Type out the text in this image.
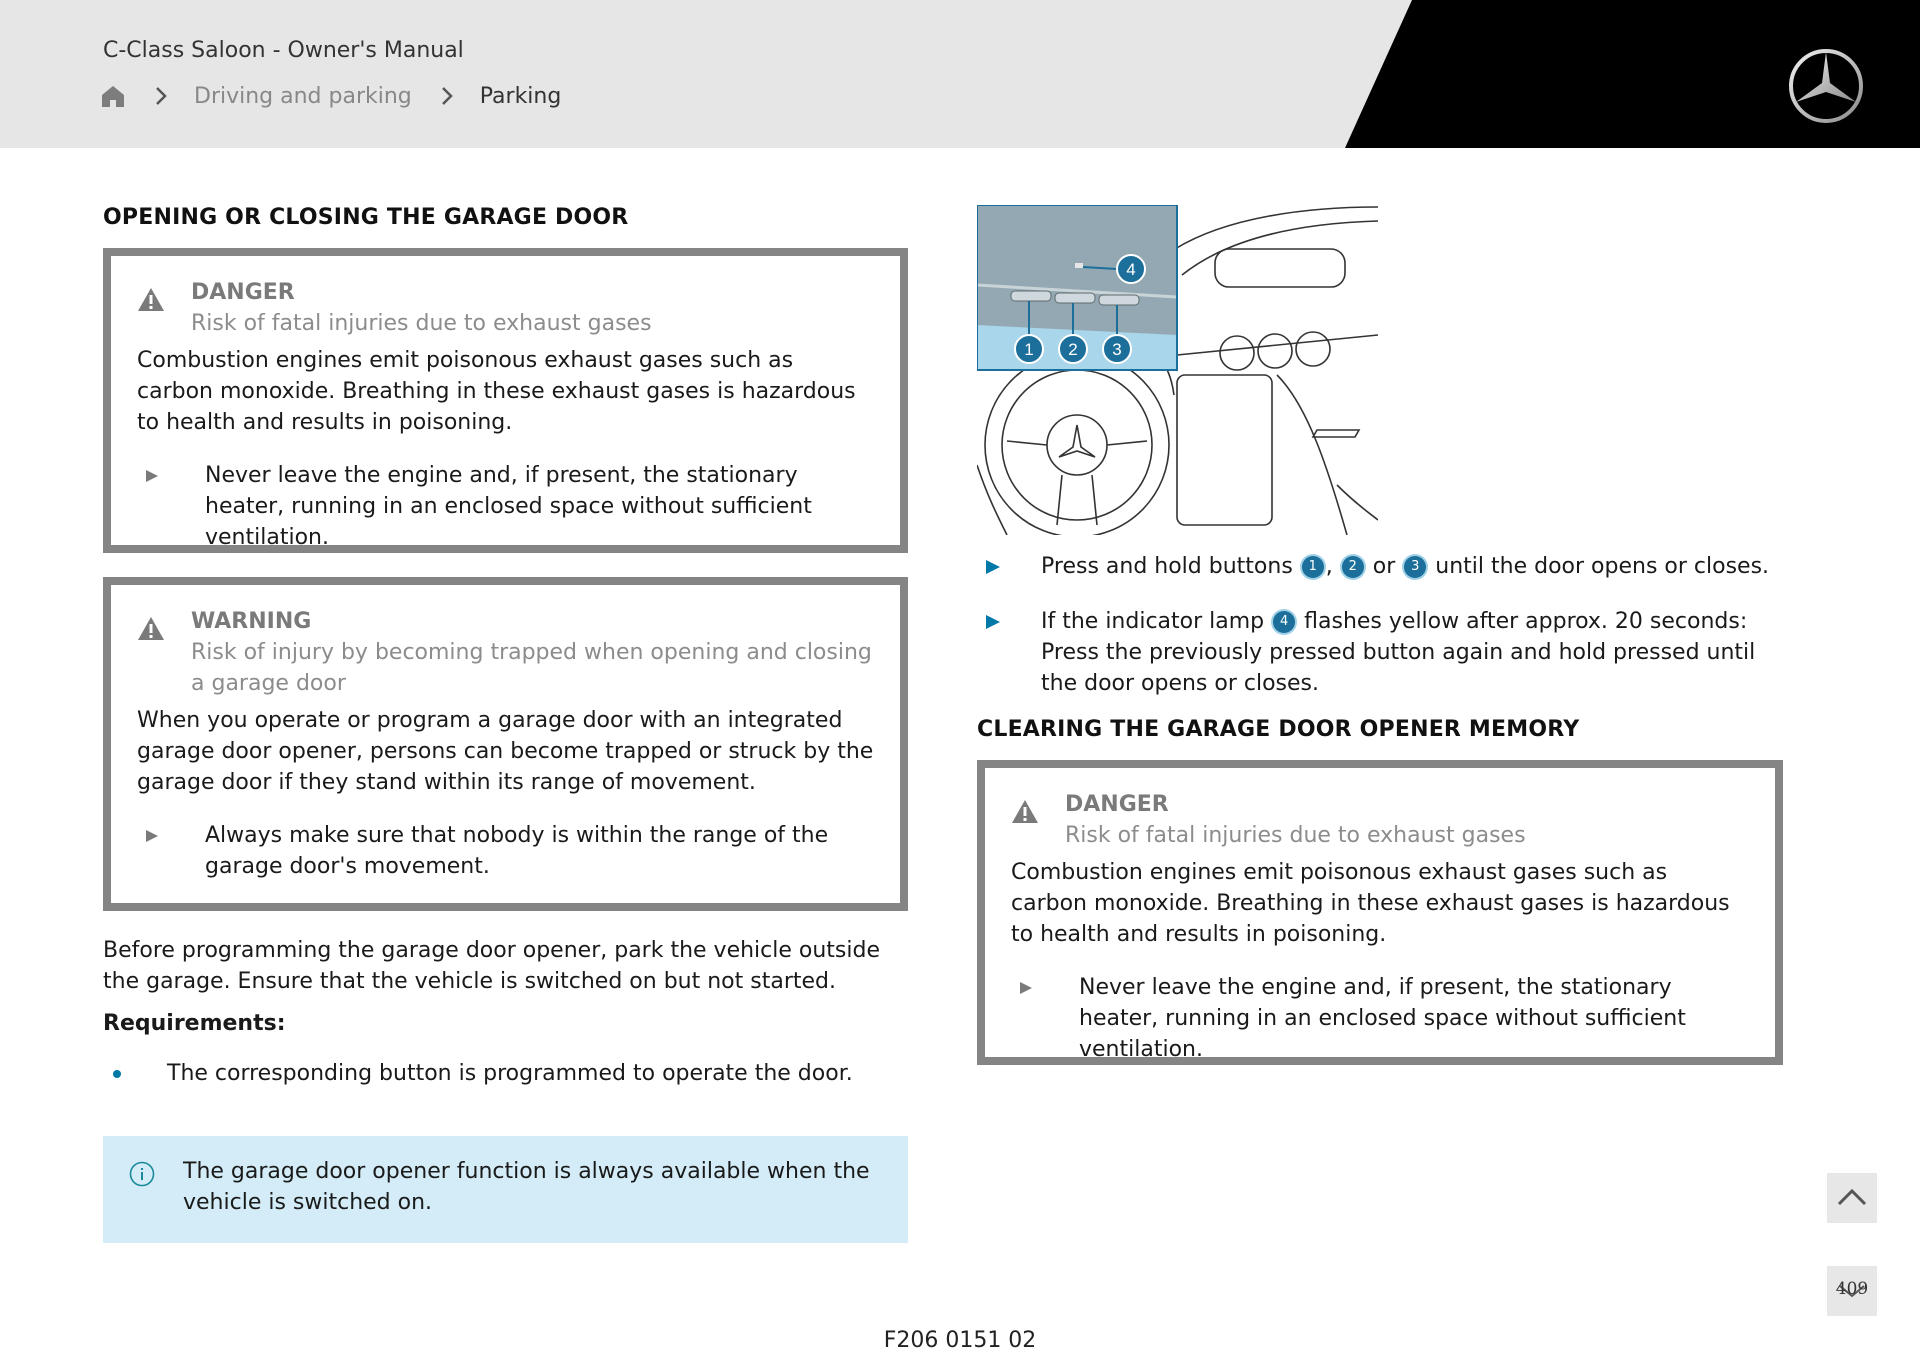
C-Class Saloon - Owner's Manual
Driving and parking	Parking
OPENING OR CLOSING THE GARAGE DOOR
DANGER
Risk of fatal injuries due to exhaust gases
Combustion engines emit poisonous exhaust gases such as carbon monoxide. Breathing in these exhaust gases is hazardous to health and results in poisoning.
Never leave the engine and, if present, the stationary heater, running in an enclosed space without sufficient ventilation.
WARNING
Risk of injury by becoming trapped when opening and closing a garage door
When you operate or program a garage door with an integrated garage door opener, persons can become trapped or struck by the garage door if they stand within its range of movement.
Always make sure that nobody is within the range of the garage door's movement.
Before programming the garage door opener, park the vehicle outside the garage. Ensure that the vehicle is switched on but not started.
Requirements:
The corresponding button is programmed to operate the door.
The garage door opener function is always available when the vehicle is switched on.
4
1 2 3
Press and hold buttons 1 , 2 or 3 until the door opens or closes.
If the indicator lamp 4 flashes yellow after approx. 20 seconds: Press the previously pressed button again and hold pressed until the door opens or closes.
CLEARING THE GARAGE DOOR OPENER MEMORY
DANGER
Risk of fatal injuries due to exhaust gases
Combustion engines emit poisonous exhaust gases such as carbon monoxide. Breathing in these exhaust gases is hazardous to health and results in poisoning.
Never leave the engine and, if present, the stationary heater, running in an enclosed space without sufficient ventilation.
409
F206 0151 02
